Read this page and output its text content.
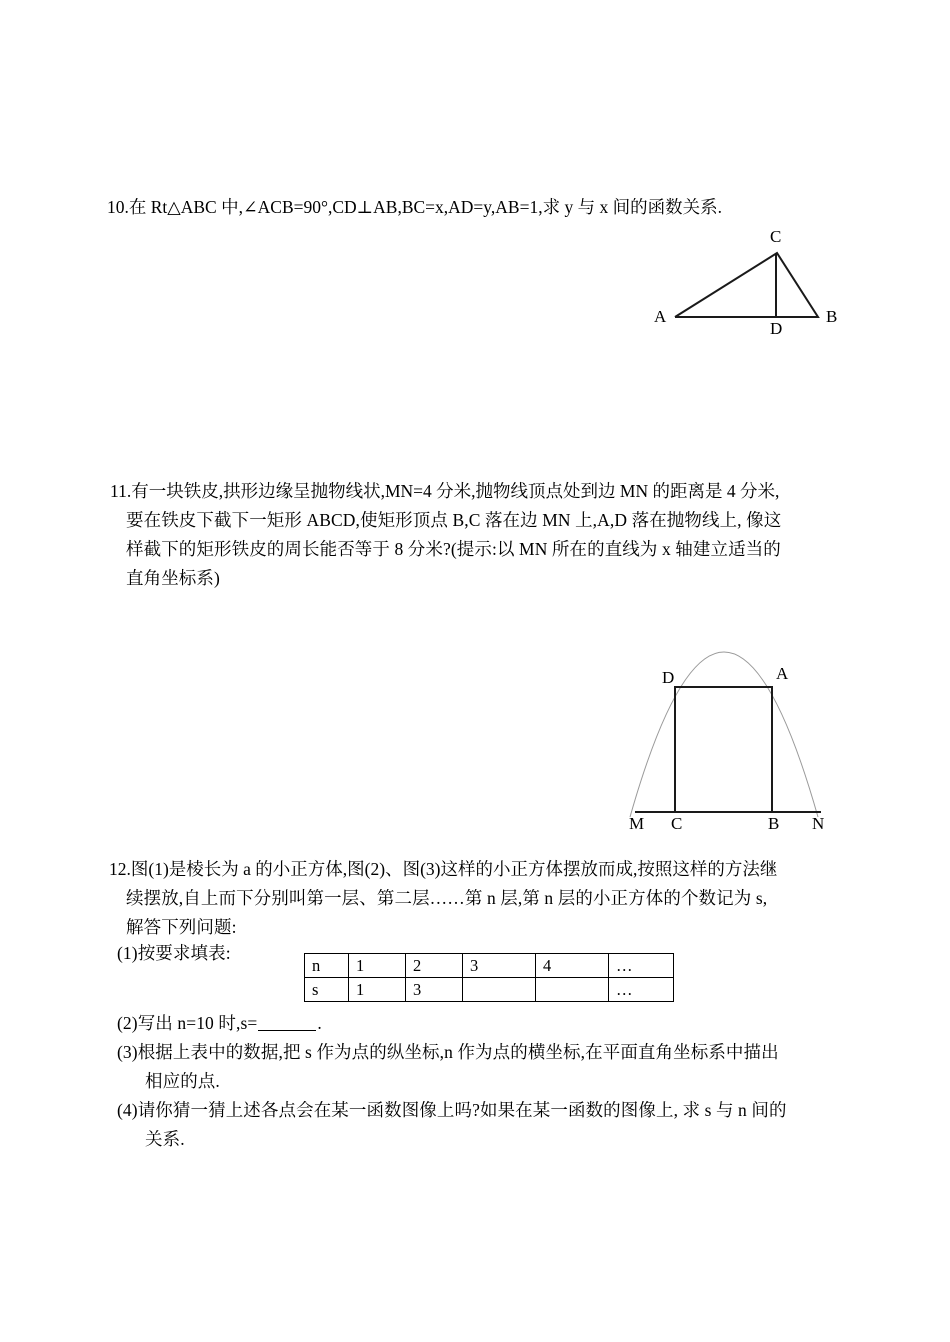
10.在 Rt△ABC 中,∠ACB=90°,CD⊥AB,BC=x,AD=y,AB=1,求 y 与 x 间的函数关系.
A	B
C
D
11.有一块铁皮,拱形边缘呈抛物线状,MN=4 分米,抛物线顶点处到边 MN 的距离是 4 分米,
要在铁皮下截下一矩形 ABCD,使矩形顶点 B,C 落在边 MN 上,A,D 落在抛物线上, 像这
样截下的矩形铁皮的周长能否等于 8 分米?(提示:以 MN 所在的直线为 x 轴建立适当的
直角坐标系)
M C	B N
D	A
12.图(1)是棱长为 a 的小正方体,图(2)、图(3)这样的小正方体摆放而成,按照这样的方法继
续摆放,自上而下分别叫第一层、第二层……第 n 层,第 n 层的小正方体的个数记为 s,
解答下列问题:
(1)按要求填表:
n	1	2	3	4	…
s	1	3			…
(2)写出 n=10 时,s=	.
(3)根据上表中的数据,把 s 作为点的纵坐标,n 作为点的横坐标,在平面直角坐标系中描出
相应的点.
(4)请你猜一猜上述各点会在某一函数图像上吗?如果在某一函数的图像上, 求 s 与 n 间的
关系.
